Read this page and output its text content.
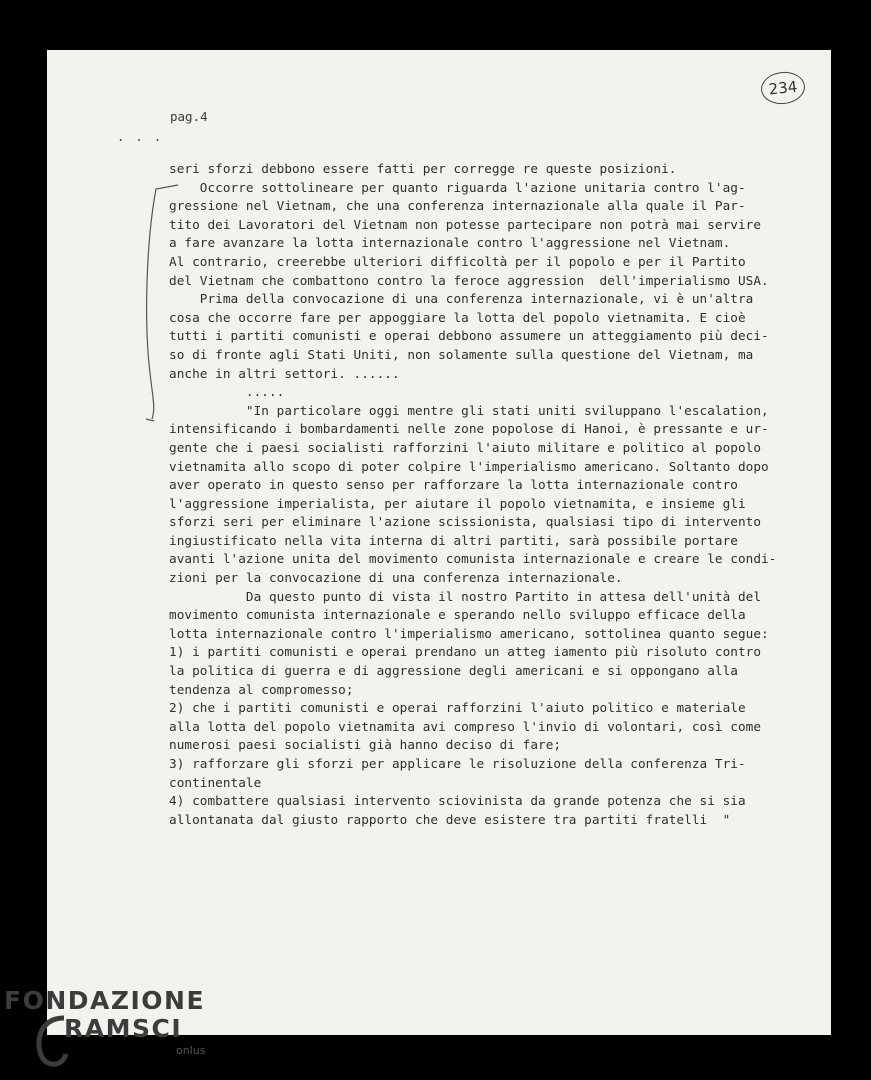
. . .
234
pag.4
seri sforzi debbono essere fatti per corregge re queste posizioni.
Occorre sottolineare per quanto riguarda l'azione unitaria contro l'ag-
gressione nel Vietnam, che una conferenza internazionale alla quale il Par-
tito dei Lavoratori del Vietnam non potesse partecipare non potrà mai servire
a fare avanzare la lotta internazionale contro l'aggressione nel Vietnam.
Al contrario, creerebbe ulteriori difficoltà per il popolo e per il Partito
del Vietnam che combattono contro la feroce aggression  dell'imperialismo USA.
Prima della convocazione di una conferenza internazionale, vi è un'altra
cosa che occorre fare per appoggiare la lotta del popolo vietnamita. E cioè
tutti i partiti comunisti e operai debbono assumere un atteggiamento più deci-
so di fronte agli Stati Uniti, non solamente sulla questione del Vietnam, ma
anche in altri settori. ......
.....
"In particolare oggi mentre gli stati uniti sviluppano l'escalation,
intensificando i bombardamenti nelle zone popolose di Hanoi, è pressante e ur-
gente che i paesi socialisti rafforzini l'aiuto militare e politico al popolo
vietnamita allo scopo di poter colpire l'imperialismo americano. Soltanto dopo
aver operato in questo senso per rafforzare la lotta internazionale contro
l'aggressione imperialista, per aiutare il popolo vietnamita, e insieme gli
sforzi seri per eliminare l'azione scissionista, qualsiasi tipo di intervento
ingiustificato nella vita interna di altri partiti, sarà possibile portare
avanti l'azione unita del movimento comunista internazionale e creare le condi-
zioni per la convocazione di una conferenza internazionale.
Da questo punto di vista il nostro Partito in attesa dell'unità del
movimento comunista internazionale e sperando nello sviluppo efficace della
lotta internazionale contro l'imperialismo americano, sottolinea quanto segue:
1) i partiti comunisti e operai prendano un atteg iamento più risoluto contro
la politica di guerra e di aggressione degli americani e si oppongano alla
tendenza al compromesso;
2) che i partiti comunisti e operai rafforzini l'aiuto politico e materiale
alla lotta del popolo vietnamita avi compreso l'invio di volontari, così come
numerosi paesi socialisti già hanno deciso di fare;
3) rafforzare gli sforzi per applicare le risoluzione della conferenza Tri-
continentale
4) combattere qualsiasi intervento sciovinista da grande potenza che si sia
allontanata dal giusto rapporto che deve esistere tra partiti fratelli  "
FONDAZIONE
RAMSCI
onlus
